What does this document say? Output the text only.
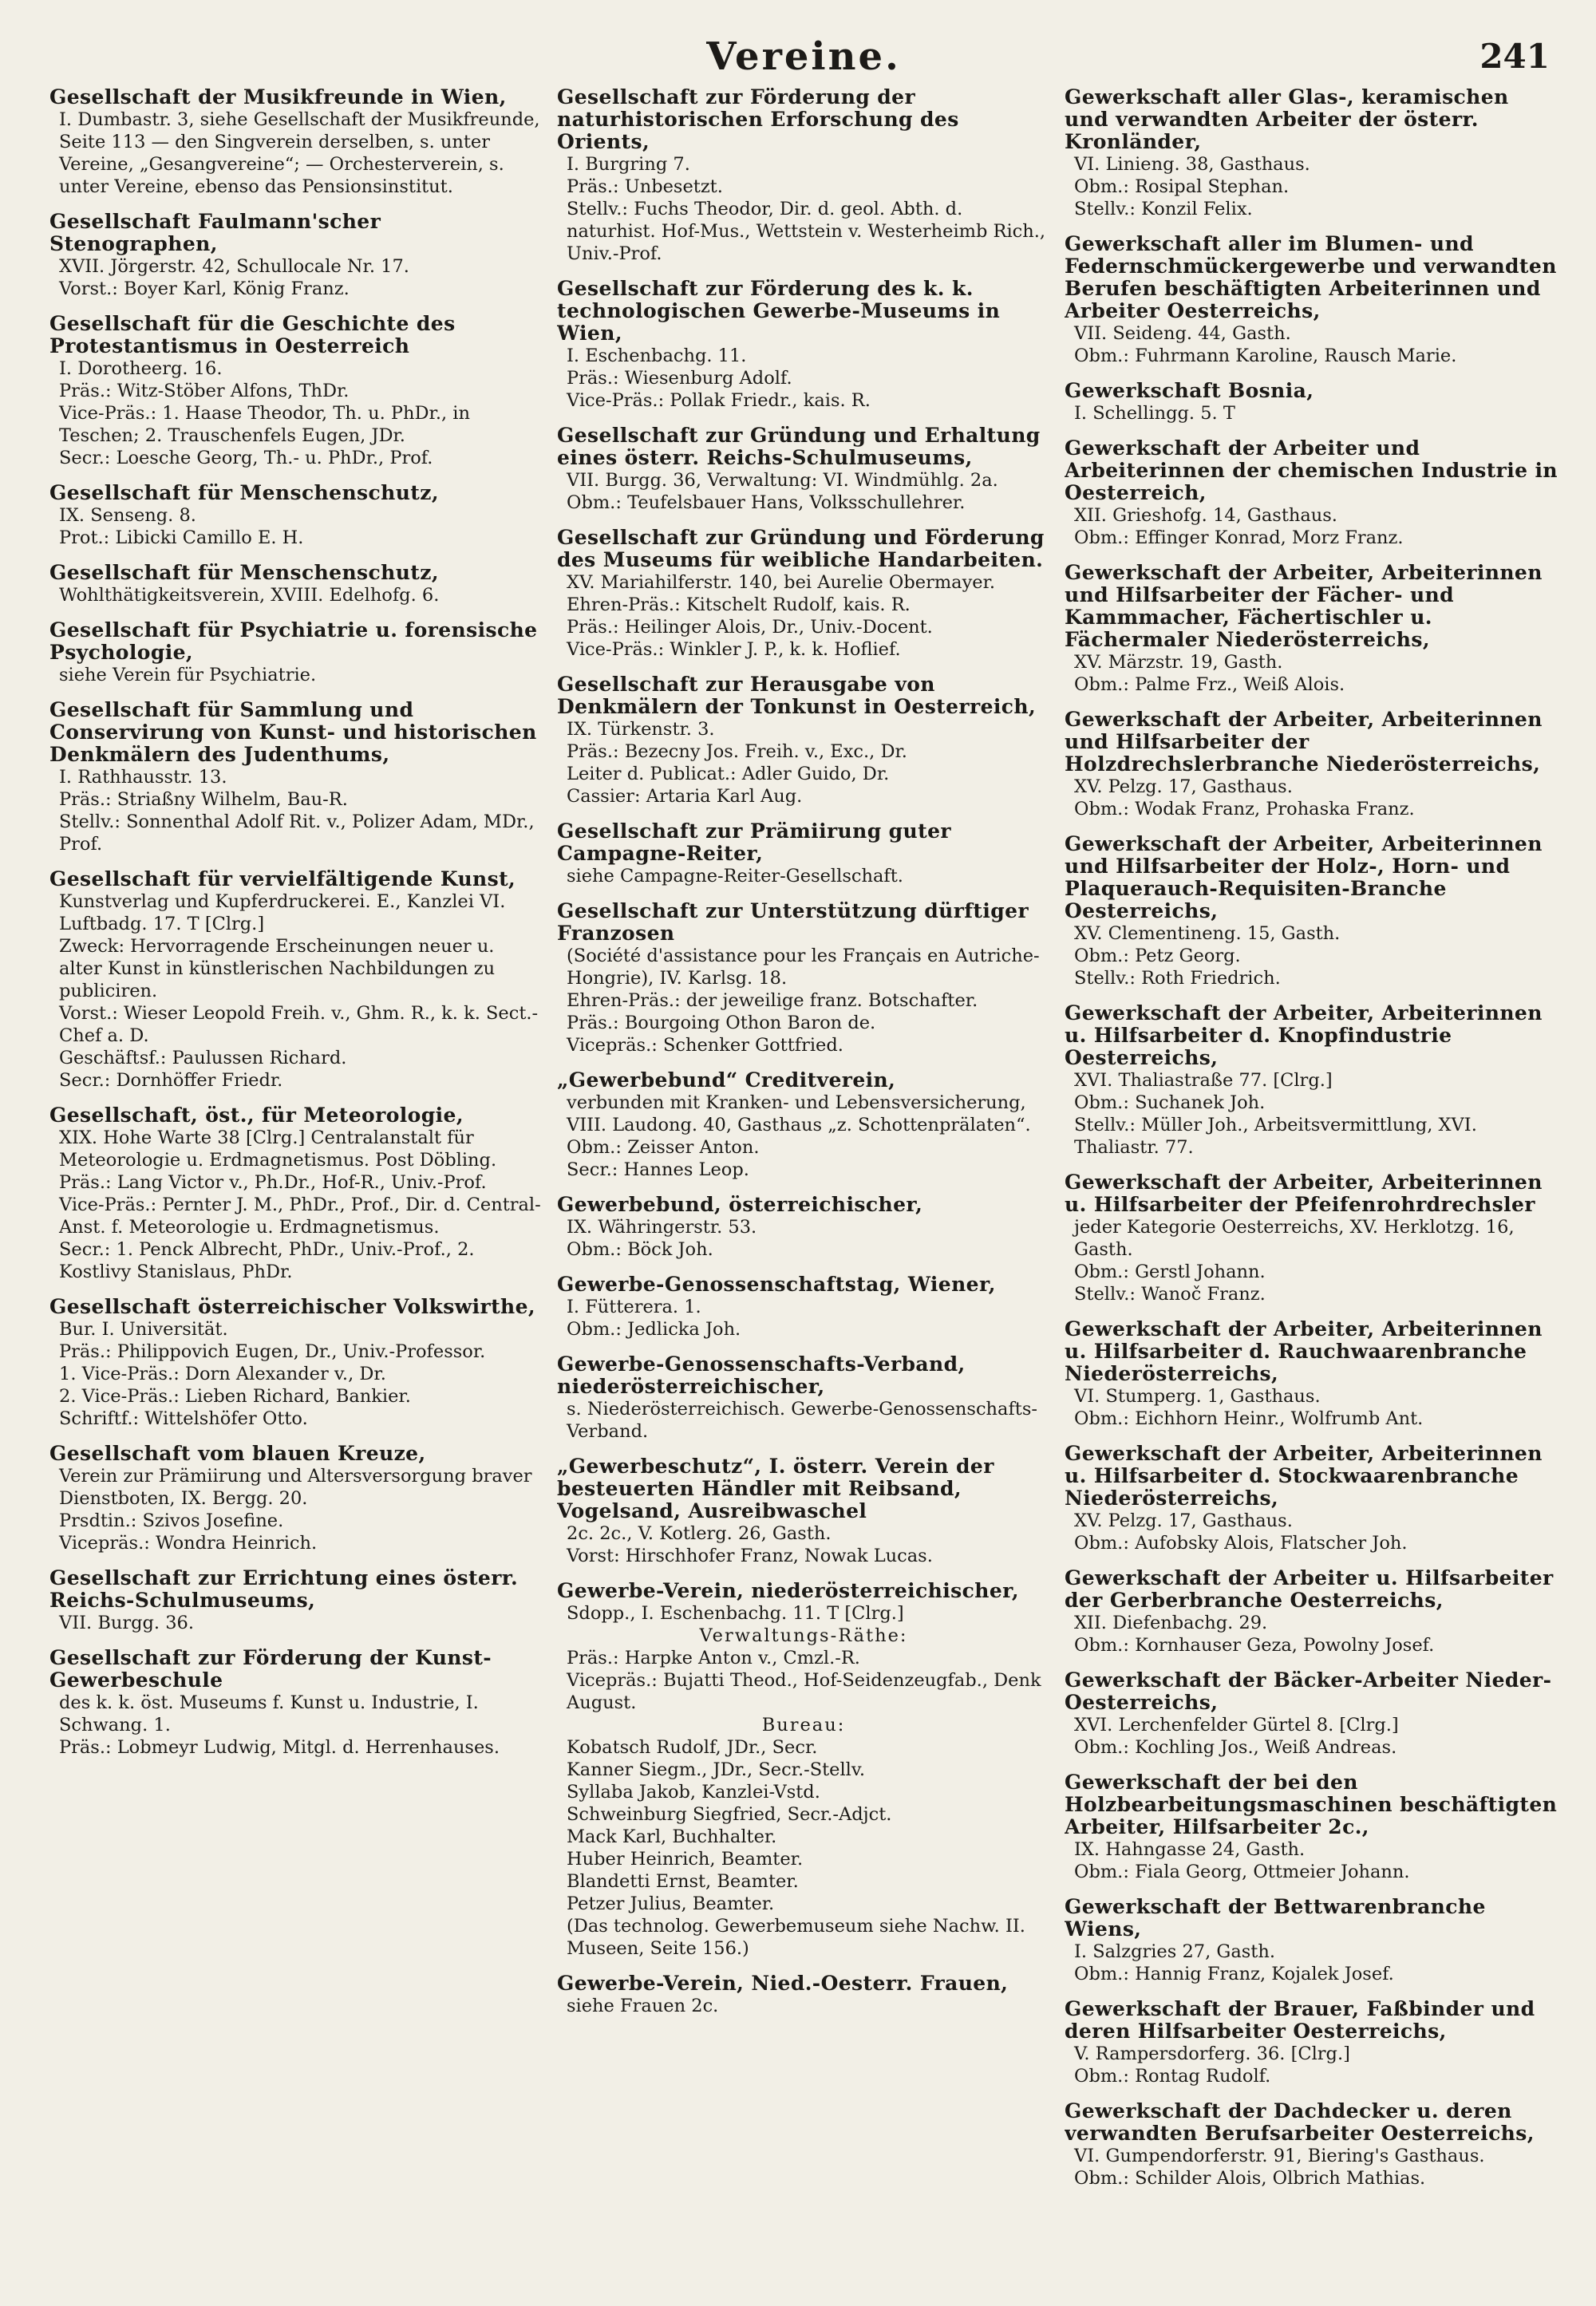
Vereine.	241
Gesellschaft der Musikfreunde in Wien,
I. Dumbastr. 3, siehe Gesellschaft der Musikfreunde, Seite 113 — den Singverein derselben, s. unter Vereine, „Gesangvereine“; — Orchesterverein, s. unter Vereine, ebenso das Pensionsinstitut.
Gesellschaft Faulmann'scher Stenographen,
XVII. Jörgerstr. 42, Schullocale Nr. 17.
Vorst.: Boyer Karl, König Franz.
Gesellschaft für die Geschichte des Protestantismus in Oesterreich
I. Dorotheerg. 16.
Präs.: Witz-Stöber Alfons, ThDr.
Vice-Präs.: 1. Haase Theodor, Th. u. PhDr., in Teschen; 2. Trauschenfels Eugen, JDr.
Secr.: Loesche Georg, Th.- u. PhDr., Prof.
Gesellschaft für Menschenschutz,
IX. Senseng. 8.
Prot.: Libicki Camillo E. H.
Gesellschaft für Menschenschutz,
Wohlthätigkeitsverein, XVIII. Edelhofg. 6.
Gesellschaft für Psychiatrie u. forensische Psychologie,
siehe Verein für Psychiatrie.
Gesellschaft für Sammlung und Conservirung von Kunst- und historischen Denkmälern des Judenthums,
I. Rathhausstr. 13.
Präs.: Striaßny Wilhelm, Bau-R.
Stellv.: Sonnenthal Adolf Rit. v., Polizer Adam, MDr., Prof.
Gesellschaft für vervielfältigende Kunst,
Kunstverlag und Kupferdruckerei. E., Kanzlei VI. Luftbadg. 17. T [Clrg.]
Zweck: Hervorragende Erscheinungen neuer u. alter Kunst in künstlerischen Nachbildungen zu publiciren.
Vorst.: Wieser Leopold Freih. v., Ghm. R., k. k. Sect.-Chef a. D.
Geschäftsf.: Paulussen Richard.
Secr.: Dornhöffer Friedr.
Gesellschaft, öst., für Meteorologie,
XIX. Hohe Warte 38 [Clrg.] Centralanstalt für Meteorologie u. Erdmagnetismus. Post Döbling.
Präs.: Lang Victor v., Ph.Dr., Hof-R., Univ.-Prof.
Vice-Präs.: Pernter J. M., PhDr., Prof., Dir. d. Central-Anst. f. Meteorologie u. Erdmagnetismus.
Secr.: 1. Penck Albrecht, PhDr., Univ.-Prof., 2. Kostlivy Stanislaus, PhDr.
Gesellschaft österreichischer Volkswirthe,
Bur. I. Universität.
Präs.: Philippovich Eugen, Dr., Univ.-Professor.
1. Vice-Präs.: Dorn Alexander v., Dr.
2. Vice-Präs.: Lieben Richard, Bankier.
Schriftf.: Wittelshöfer Otto.
Gesellschaft vom blauen Kreuze,
Verein zur Prämiirung und Altersversorgung braver Dienstboten, IX. Bergg. 20.
Prsdtin.: Szivos Josefine.
Vicepräs.: Wondra Heinrich.
Gesellschaft zur Errichtung eines österr. Reichs-Schulmuseums,
VII. Burgg. 36.
Gesellschaft zur Förderung der Kunst-Gewerbeschule
des k. k. öst. Museums f. Kunst u. Industrie, I. Schwang. 1.
Präs.: Lobmeyr Ludwig, Mitgl. d. Herrenhauses.
Gesellschaft zur Förderung der naturhistorischen Erforschung des Orients,
I. Burgring 7.
Präs.: Unbesetzt.
Stellv.: Fuchs Theodor, Dir. d. geol. Abth. d. naturhist. Hof-Mus., Wettstein v. Westerheimb Rich., Univ.-Prof.
Gesellschaft zur Förderung des k. k. technologischen Gewerbe-Museums in Wien,
I. Eschenbachg. 11.
Präs.: Wiesenburg Adolf.
Vice-Präs.: Pollak Friedr., kais. R.
Gesellschaft zur Gründung und Erhaltung eines österr. Reichs-Schulmuseums,
VII. Burgg. 36, Verwaltung: VI. Windmühlg. 2a.
Obm.: Teufelsbauer Hans, Volksschullehrer.
Gesellschaft zur Gründung und Förderung des Museums für weibliche Handarbeiten.
XV. Mariahilferstr. 140, bei Aurelie Obermayer.
Ehren-Präs.: Kitschelt Rudolf, kais. R.
Präs.: Heilinger Alois, Dr., Univ.-Docent.
Vice-Präs.: Winkler J. P., k. k. Hoflief.
Gesellschaft zur Herausgabe von Denkmälern der Tonkunst in Oesterreich,
IX. Türkenstr. 3.
Präs.: Bezecny Jos. Freih. v., Exc., Dr.
Leiter d. Publicat.: Adler Guido, Dr.
Cassier: Artaria Karl Aug.
Gesellschaft zur Prämiirung guter Campagne-Reiter,
siehe Campagne-Reiter-Gesellschaft.
Gesellschaft zur Unterstützung dürftiger Franzosen
(Société d'assistance pour les Français en Autriche-Hongrie), IV. Karlsg. 18.
Ehren-Präs.: der jeweilige franz. Botschafter.
Präs.: Bourgoing Othon Baron de.
Vicepräs.: Schenker Gottfried.
„Gewerbebund“ Creditverein,
verbunden mit Kranken- und Lebensversicherung, VIII. Laudong. 40, Gasthaus „z. Schottenprälaten“.
Obm.: Zeisser Anton.
Secr.: Hannes Leop.
Gewerbebund, österreichischer,
IX. Währingerstr. 53.
Obm.: Böck Joh.
Gewerbe-Genossenschaftstag, Wiener,
I. Fütterera. 1.
Obm.: Jedlicka Joh.
Gewerbe-Genossenschafts-Verband, niederösterreichischer,
s. Niederösterreichisch. Gewerbe-Genossenschafts-Verband.
„Gewerbeschutz“, I. österr. Verein der besteuerten Händler mit Reibsand, Vogelsand, Ausreibwaschel
2c. 2c., V. Kotlerg. 26, Gasth.
Vorst: Hirschhofer Franz, Nowak Lucas.
Gewerbe-Verein, niederösterreichischer,
Sdopp., I. Eschenbachg. 11. T [Clrg.]
Verwaltungs-Räthe:
Präs.: Harpke Anton v., Cmzl.-R.
Vicepräs.: Bujatti Theod., Hof-Seidenzeugfab., Denk August.
Bureau:
Kobatsch Rudolf, JDr., Secr.
Kanner Siegm., JDr., Secr.-Stellv.
Syllaba Jakob, Kanzlei-Vstd.
Schweinburg Siegfried, Secr.-Adjct.
Mack Karl, Buchhalter.
Huber Heinrich, Beamter.
Blandetti Ernst, Beamter.
Petzer Julius, Beamter.
(Das technolog. Gewerbemuseum siehe Nachw. II. Museen, Seite 156.)
Gewerbe-Verein, Nied.-Oesterr. Frauen,
siehe Frauen 2c.
Gewerkschaft aller Glas-, keramischen und verwandten Arbeiter der österr. Kronländer,
VI. Linieng. 38, Gasthaus.
Obm.: Rosipal Stephan.
Stellv.: Konzil Felix.
Gewerkschaft aller im Blumen- und Federnschmückergewerbe und verwandten Berufen beschäftigten Arbeiterinnen und Arbeiter Oesterreichs,
VII. Seideng. 44, Gasth.
Obm.: Fuhrmann Karoline, Rausch Marie.
Gewerkschaft Bosnia,
I. Schellingg. 5. T
Gewerkschaft der Arbeiter und Arbeiterinnen der chemischen Industrie in Oesterreich,
XII. Grieshofg. 14, Gasthaus.
Obm.: Effinger Konrad, Morz Franz.
Gewerkschaft der Arbeiter, Arbeiterinnen und Hilfsarbeiter der Fächer- und Kammmacher, Fächertischler u. Fächermaler Niederösterreichs,
XV. Märzstr. 19, Gasth.
Obm.: Palme Frz., Weiß Alois.
Gewerkschaft der Arbeiter, Arbeiterinnen und Hilfsarbeiter der Holzdrechslerbranche Niederösterreichs,
XV. Pelzg. 17, Gasthaus.
Obm.: Wodak Franz, Prohaska Franz.
Gewerkschaft der Arbeiter, Arbeiterinnen und Hilfsarbeiter der Holz-, Horn- und Plaquerauch-Requisiten-Branche Oesterreichs,
XV. Clementineng. 15, Gasth.
Obm.: Petz Georg.
Stellv.: Roth Friedrich.
Gewerkschaft der Arbeiter, Arbeiterinnen u. Hilfsarbeiter d. Knopfindustrie Oesterreichs,
XVI. Thaliastraße 77. [Clrg.]
Obm.: Suchanek Joh.
Stellv.: Müller Joh., Arbeitsvermittlung, XVI. Thaliastr. 77.
Gewerkschaft der Arbeiter, Arbeiterinnen u. Hilfsarbeiter der Pfeifenrohrdrechsler
jeder Kategorie Oesterreichs, XV. Herklotzg. 16, Gasth.
Obm.: Gerstl Johann.
Stellv.: Wanoč Franz.
Gewerkschaft der Arbeiter, Arbeiterinnen u. Hilfsarbeiter d. Rauchwaarenbranche Niederösterreichs,
VI. Stumperg. 1, Gasthaus.
Obm.: Eichhorn Heinr., Wolfrumb Ant.
Gewerkschaft der Arbeiter, Arbeiterinnen u. Hilfsarbeiter d. Stockwaarenbranche Niederösterreichs,
XV. Pelzg. 17, Gasthaus.
Obm.: Aufobsky Alois, Flatscher Joh.
Gewerkschaft der Arbeiter u. Hilfsarbeiter der Gerberbranche Oesterreichs,
XII. Diefenbachg. 29.
Obm.: Kornhauser Geza, Powolny Josef.
Gewerkschaft der Bäcker-Arbeiter Nieder-Oesterreichs,
XVI. Lerchenfelder Gürtel 8. [Clrg.]
Obm.: Kochling Jos., Weiß Andreas.
Gewerkschaft der bei den Holzbearbeitungsmaschinen beschäftigten Arbeiter, Hilfsarbeiter 2c.,
IX. Hahngasse 24, Gasth.
Obm.: Fiala Georg, Ottmeier Johann.
Gewerkschaft der Bettwarenbranche Wiens,
I. Salzgries 27, Gasth.
Obm.: Hannig Franz, Kojalek Josef.
Gewerkschaft der Brauer, Faßbinder und deren Hilfsarbeiter Oesterreichs,
V. Rampersdorferg. 36. [Clrg.]
Obm.: Rontag Rudolf.
Gewerkschaft der Dachdecker u. deren verwandten Berufsarbeiter Oesterreichs,
VI. Gumpendorferstr. 91, Biering's Gasthaus.
Obm.: Schilder Alois, Olbrich Mathias.
